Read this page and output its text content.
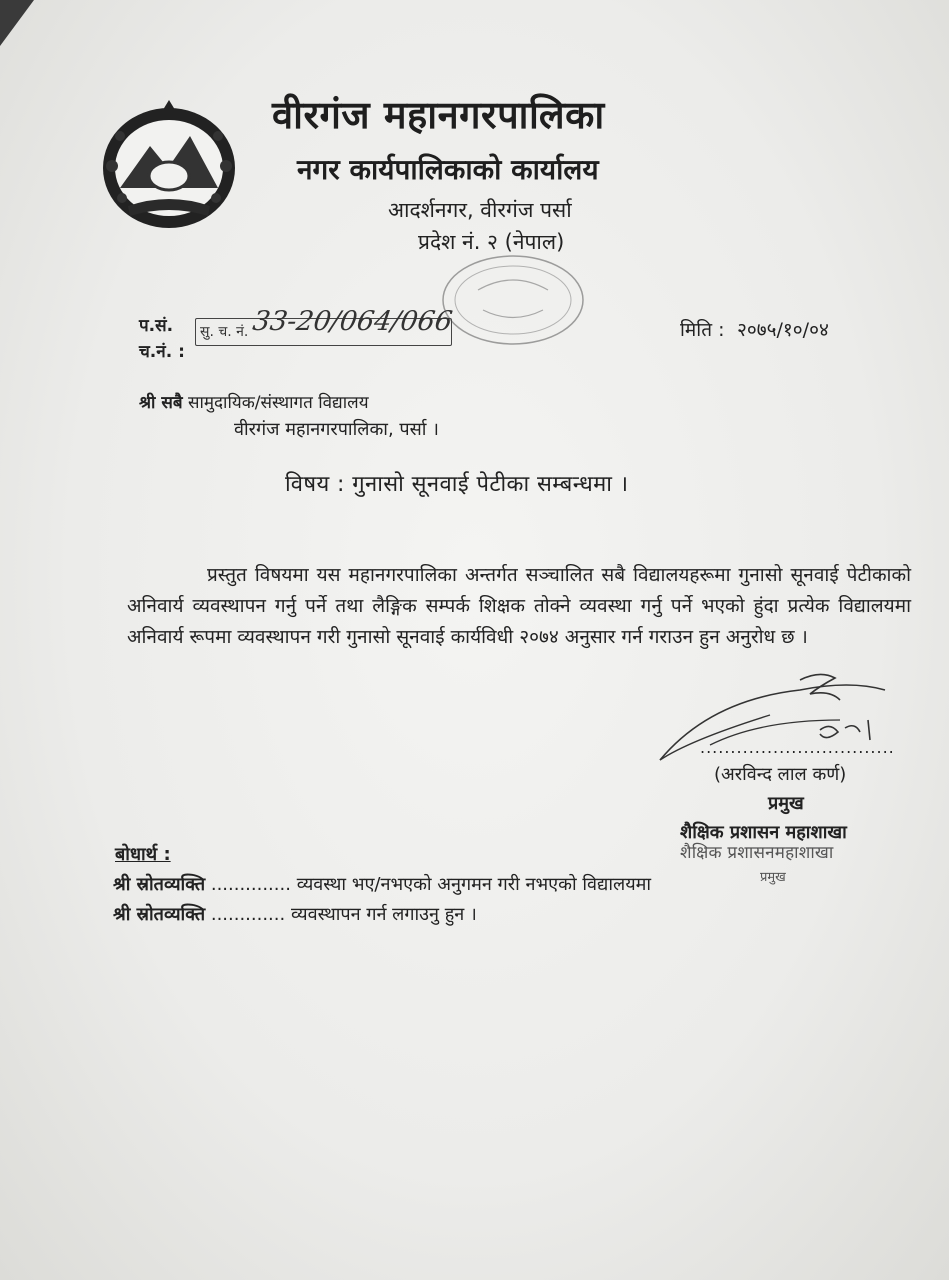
वीरगंज महानगरपालिका
नगर कार्यपालिकाको कार्यालय
आदर्शनगर, वीरगंज पर्सा
प्रदेश नं. २ (नेपाल)
प.सं.
च.नं. :
सु. च. नं. 33-20/064/066	मिति : २०७५/१०/०४
श्री सबै सामुदायिक/संस्थागत विद्यालय
वीरगंज महानगरपालिका, पर्सा ।
विषय : गुनासो सूनवाई पेटीका सम्बन्धमा ।
प्रस्तुत विषयमा यस महानगरपालिका अन्तर्गत सञ्चालित सबै विद्यालयहरूमा गुनासो सूनवाई पेटीकाको अनिवार्य व्यवस्थापन गर्नु पर्ने तथा लैङ्गिक सम्पर्क शिक्षक तोक्ने व्यवस्था गर्नु पर्ने भएको हुंदा प्रत्येक विद्यालयमा अनिवार्य रूपमा व्यवस्थापन गरी गुनासो सूनवाई कार्यविधी २०७४ अनुसार गर्न गराउन हुन अनुरोध छ ।
................................
(अरविन्द लाल कर्ण)
प्रमुख
शैक्षिक प्रशासन महाशाखा
शैक्षिक प्रशासनमहाशाखा
बोधार्थ :
श्री स्रोतव्यक्ति .............. व्यवस्था भए/नभएको अनुगमन गरी नभएको विद्यालयमा
श्री स्रोतव्यक्ति ............. व्यवस्थापन गर्न लगाउनु हुन ।
प्रमुख
